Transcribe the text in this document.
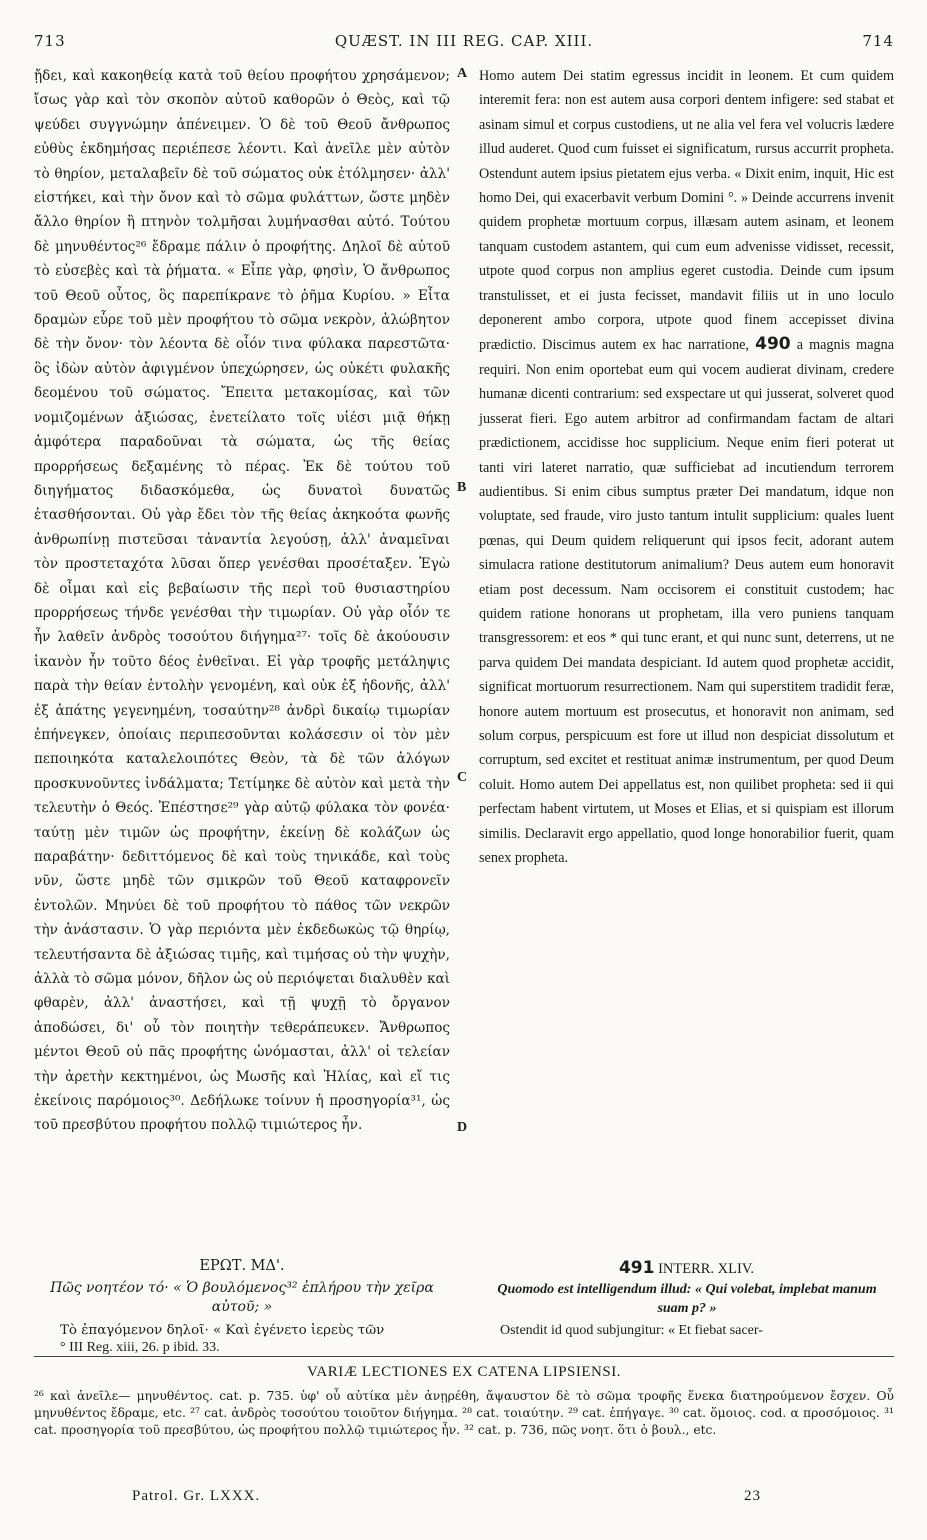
713	QUÆST. IN III REG. CAP. XIII.	714

ᾔδει, καὶ κακοηθείᾳ κατὰ τοῦ θείου προφήτου χρησάμενον; ἴσως γὰρ καὶ τὸν σκοπὸν αὐτοῦ καθορῶν ὁ Θεὸς, καὶ τῷ ψεύδει συγγνώμην ἀπένειμεν. Ὁ δὲ τοῦ Θεοῦ ἄνθρωπος εὐθὺς ἐκδημήσας περιέπεσε λέοντι. Καὶ ἀνεῖλε μὲν αὐτὸν τὸ θηρίον, μεταλαβεῖν δὲ τοῦ σώματος οὐκ ἐτόλμησεν· ἀλλ' εἱστήκει, καὶ τὴν ὄνον καὶ τὸ σῶμα φυλάττων, ὥστε μηδὲν ἄλλο θηρίον ἢ πτηνὸν τολμῆσαι λυμήνασθαι αὐτό. Τούτου δὲ μηνυθέντος²⁶ ἔδραμε πάλιν ὁ προφήτης. Δηλοῖ δὲ αὐτοῦ τὸ εὐσεβὲς καὶ τὰ ῥήματα. « Εἶπε γὰρ, φησὶν, Ὁ ἄνθρωπος τοῦ Θεοῦ οὗτος, ὃς παρεπίκρανε τὸ ῥῆμα Κυρίου. » Εἶτα δραμὼν εὗρε τοῦ μὲν προφήτου τὸ σῶμα νεκρὸν, ἀλώβητον δὲ τὴν ὄνον· τὸν λέοντα δὲ οἷόν τινα φύλακα παρεστῶτα· ὃς ἰδὼν αὐτὸν ἀφιγμένον ὑπεχώρησεν, ὡς οὐκέτι φυλακῆς δεομένου τοῦ σώματος. Ἔπειτα μετακομίσας, καὶ τῶν νομιζομένων ἀξιώσας, ἐνετείλατο τοῖς υἱέσι μιᾷ θήκῃ ἀμφότερα παραδοῦναι τὰ σώματα, ὡς τῆς θείας προρρήσεως δεξαμένης τὸ πέρας. Ἐκ δὲ τούτου τοῦ διηγήματος διδασκόμεθα, ὡς δυνατοὶ δυνατῶς ἐτασθήσονται. Οὐ γὰρ ἔδει τὸν τῆς θείας ἀκηκοότα φωνῆς ἀνθρωπίνῃ πιστεῦσαι τἀναντία λεγούσῃ, ἀλλ' ἀναμεῖναι τὸν προστεταχότα λῦσαι ὅπερ γενέσθαι προσέταξεν. Ἐγὼ δὲ οἶμαι καὶ εἰς βεβαίωσιν τῆς περὶ τοῦ θυσιαστηρίου προρρήσεως τήνδε γενέσθαι τὴν τιμωρίαν. Οὐ γὰρ οἷόν τε ἦν λαθεῖν ἀνδρὸς τοσούτου διήγημα²⁷· τοῖς δὲ ἀκούουσιν ἱκανὸν ἦν τοῦτο δέος ἐνθεῖναι. Εἰ γὰρ τροφῆς μετάληψις παρὰ τὴν θείαν ἐντολὴν γενομένη, καὶ οὐκ ἐξ ἡδονῆς, ἀλλ' ἐξ ἀπάτης γεγενημένη, τοσαύτην²⁸ ἀνδρὶ δικαίῳ τιμωρίαν ἐπήνεγκεν, ὁποίαις περιπεσοῦνται κολάσεσιν οἱ τὸν μὲν πεποιηκότα καταλελοιπότες Θεὸν, τὰ δὲ τῶν ἀλόγων προσκυνοῦντες ἰνδάλματα; Τετίμηκε δὲ αὐτὸν καὶ μετὰ τὴν τελευτὴν ὁ Θεός. Ἐπέστησε²⁹ γὰρ αὐτῷ φύλακα τὸν φονέα· ταύτῃ μὲν τιμῶν ὡς προφήτην, ἐκείνῃ δὲ κολάζων ὡς παραβάτην· δεδιττόμενος δὲ καὶ τοὺς τηνικάδε, καὶ τοὺς νῦν, ὥστε μηδὲ τῶν σμικρῶν τοῦ Θεοῦ καταφρονεῖν ἐντολῶν. Μηνύει δὲ τοῦ προφήτου τὸ πάθος τῶν νεκρῶν τὴν ἀνάστασιν. Ὁ γὰρ περιόντα μὲν ἐκδεδωκὼς τῷ θηρίῳ, τελευτήσαντα δὲ ἀξιώσας τιμῆς, καὶ τιμήσας οὐ τὴν ψυχὴν, ἀλλὰ τὸ σῶμα μόνον, δῆλον ὡς οὐ περιόψεται διαλυθὲν καὶ φθαρὲν, ἀλλ' ἀναστήσει, καὶ τῇ ψυχῇ τὸ ὄργανον ἀποδώσει, δι' οὗ τὸν ποιητὴν τεθεράπευκεν. Ἄνθρωπος μέντοι Θεοῦ οὐ πᾶς προφήτης ὠνόμασται, ἀλλ' οἱ τελείαν τὴν ἀρετὴν κεκτημένοι, ὡς Μωσῆς καὶ Ἠλίας, καὶ εἴ τις ἐκείνοις παρόμοιος³⁰. Δεδήλωκε τοίνυν ἡ προσηγορία³¹, ὡς τοῦ πρεσβύτου προφήτου πολλῷ τιμιώτερος ἦν.

Homo autem Dei statim egressus incidit in leonem. Et cum quidem interemit fera: non est autem ausa corpori dentem infigere: sed stabat et asinam simul et corpus custodiens, ut ne alia vel fera vel volucris lædere illud auderet. Quod cum fuisset ei significatum, rursus accurrit propheta. Ostendunt autem ipsius pietatem ejus verba. « Dixit enim, inquit, Hic est homo Dei, qui exacerbavit verbum Domini °. » Deinde accurrens invenit quidem prophetæ mortuum corpus, illæsam autem asinam, et leonem tanquam custodem astantem, qui cum eum advenisse vidisset, recessit, utpote quod corpus non amplius egeret custodia. Deinde cum ipsum transtulisset, et ei justa fecisset, mandavit filiis ut in uno loculo deponerent ambo corpora, utpote quod finem accepisset divina prædictio. Discimus autem ex hac narratione, 490 a magnis magna requiri. Non enim oportebat eum qui vocem audierat divinam, credere humanæ dicenti contrarium: sed exspectare ut qui jusserat, solveret quod jusserat fieri. Ego autem arbitror ad confirmandam factam de altari prædictionem, accidisse hoc supplicium. Neque enim fieri poterat ut tanti viri lateret narratio, quæ sufficiebat ad incutiendum terrorem audientibus. Si enim cibus sumptus præter Dei mandatum, idque non voluptate, sed fraude, viro justo tantum intulit supplicium: quales luent pœnas, qui Deum quidem reliquerunt qui ipsos fecit, adorant autem simulacra ratione destitutorum animalium? Deus autem eum honoravit etiam post decessum. Nam occisorem ei constituit custodem; hac quidem ratione honorans ut prophetam, illa vero puniens tanquam transgressorem: et eos * qui tunc erant, et qui nunc sunt, deterrens, ut ne parva quidem Dei mandata despiciant. Id autem quod prophetæ accidit, significat mortuorum resurrectionem. Nam qui superstitem tradidit feræ, honore autem mortuum est prosecutus, et honoravit non animam, sed solum corpus, perspicuum est fore ut illud non despiciat dissolutum et corruptum, sed excitet et restituat animæ instrumentum, per quod Deum coluit. Homo autem Dei appellatus est, non quilibet propheta: sed ii qui perfectam habent virtutem, ut Moses et Elias, et si quispiam est illorum similis. Declaravit ergo appellatio, quod longe honorabilior fuerit, quam senex propheta.

A
B
C
D
ΕΡΩΤ. ΜΔ'.
Πῶς νοητέον τό· « Ὁ βουλόμενος³² ἐπλήρου τὴν χεῖρα αὐτοῦ; »
Τὸ ἐπαγόμενον δηλοῖ· « Καὶ ἐγένετο ἱερεὺς τῶν
° III Reg. xiii, 26. p ibid. 33.
491 INTERR. XLIV.
Quomodo est intelligendum illud: « Qui volebat, implebat manum suam p? »
Ostendit id quod subjungitur: « Et fiebat sacer-
VARIÆ LECTIONES EX CATENA LIPSIENSI.
²⁶ καὶ ἀνεῖλε— μηνυθέντος. cat. p. 735. ὑφ' οὗ αὐτίκα μὲν ἀνῃρέθη, ἄψαυστον δὲ τὸ σῶμα τροφῆς ἕνεκα διατηρούμενον ἔσχεν. Οὗ μηνυθέντος ἔδραμε, etc. ²⁷ cat. ἀνδρὸς τοσούτου τοιοῦτον διήγημα. ²⁸ cat. τοιαύτην. ²⁹ cat. ἐπήγαγε. ³⁰ cat. ὅμοιος. cod. α προσόμοιος. ³¹ cat. προσηγορία τοῦ πρεσβύτου, ὡς προφήτου πολλῷ τιμιώτερος ἦν. ³² cat. p. 736, πῶς νοητ. ὅτι ὁ βουλ., etc.
Patrol. Gr. LXXX.	23
